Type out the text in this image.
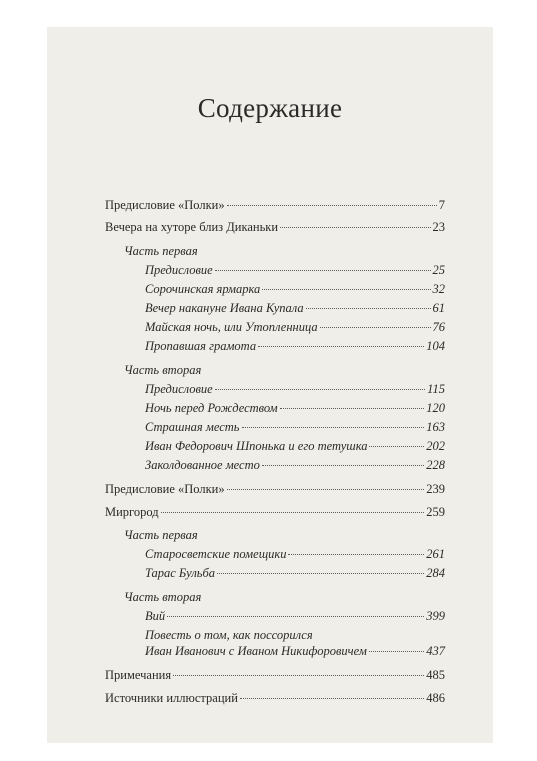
Содержание
Предисловие «Полки»	7
Вечера на хуторе близ Диканьки	23
Часть первая
Предисловие	25
Сорочинская ярмарка	32
Вечер накануне Ивана Купала	61
Майская ночь, или Утопленница	76
Пропавшая грамота	104
Часть вторая
Предисловие	115
Ночь перед Рождеством	120
Страшная месть	163
Иван Федорович Шпонька и его тетушка	202
Заколдованное место	228
Предисловие «Полки»	239
Миргород	259
Часть первая
Старосветские помещики	261
Тарас Бульба	284
Часть вторая
Вий	399
Повесть о том, как поссорился
Иван Иванович с Иваном Никифоровичем	437
Примечания	485
Источники иллюстраций	486
